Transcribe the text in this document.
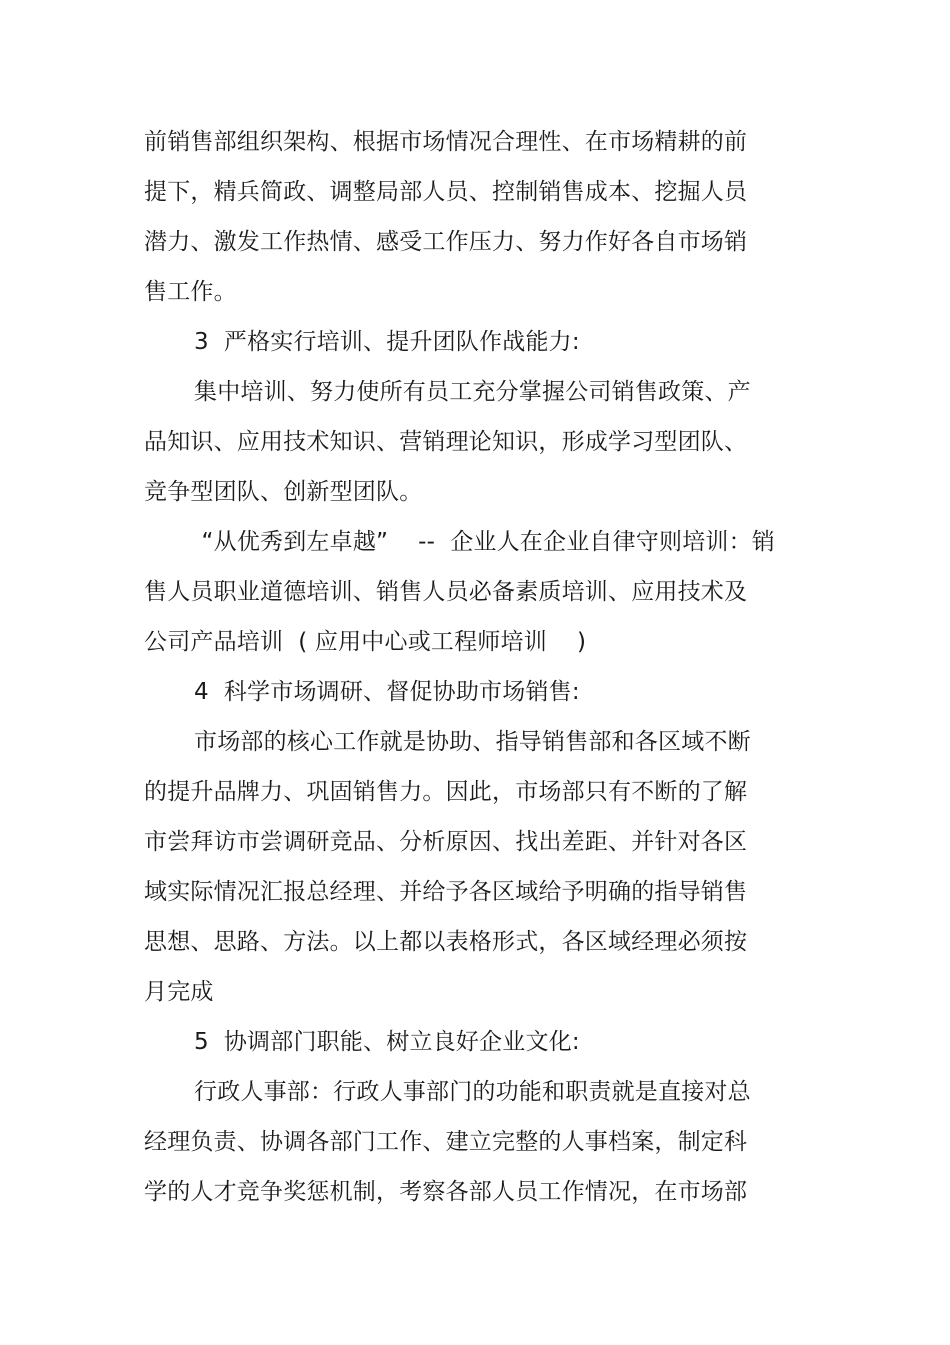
前销售部组织架构、根据市场情况合理性、在市场精耕的前
提下，精兵简政、调整局部人员、控制销售成本、挖掘人员
潜力、激发工作热情、感受工作压力、努力作好各自市场销
售工作。
3  严格实行培训、提升团队作战能力:
集中培训、努力使所有员工充分掌握公司销售政策、产
品知识、应用技术知识、营销理论知识，形成学习型团队、
竞争型团队、创新型团队。
“从优秀到左卓越”    --  企业人在企业自律守则培训：销
售人员职业道德培训、销售人员必备素质培训、应用技术及
公司产品培训  ( 应用中心或工程师培训    )
4  科学市场调研、督促协助市场销售:
市场部的核心工作就是协助、指导销售部和各区域不断
的提升品牌力、巩固销售力。因此，市场部只有不断的了解
市尝拜访市尝调研竞品、分析原因、找出差距、并针对各区
域实际情况汇报总经理、并给予各区域给予明确的指导销售
思想、思路、方法。以上都以表格形式，各区域经理必须按
月完成
5  协调部门职能、树立良好企业文化:
行政人事部：行政人事部门的功能和职责就是直接对总
经理负责、协调各部门工作、建立完整的人事档案，制定科
学的人才竞争奖惩机制，考察各部人员工作情况，在市场部
